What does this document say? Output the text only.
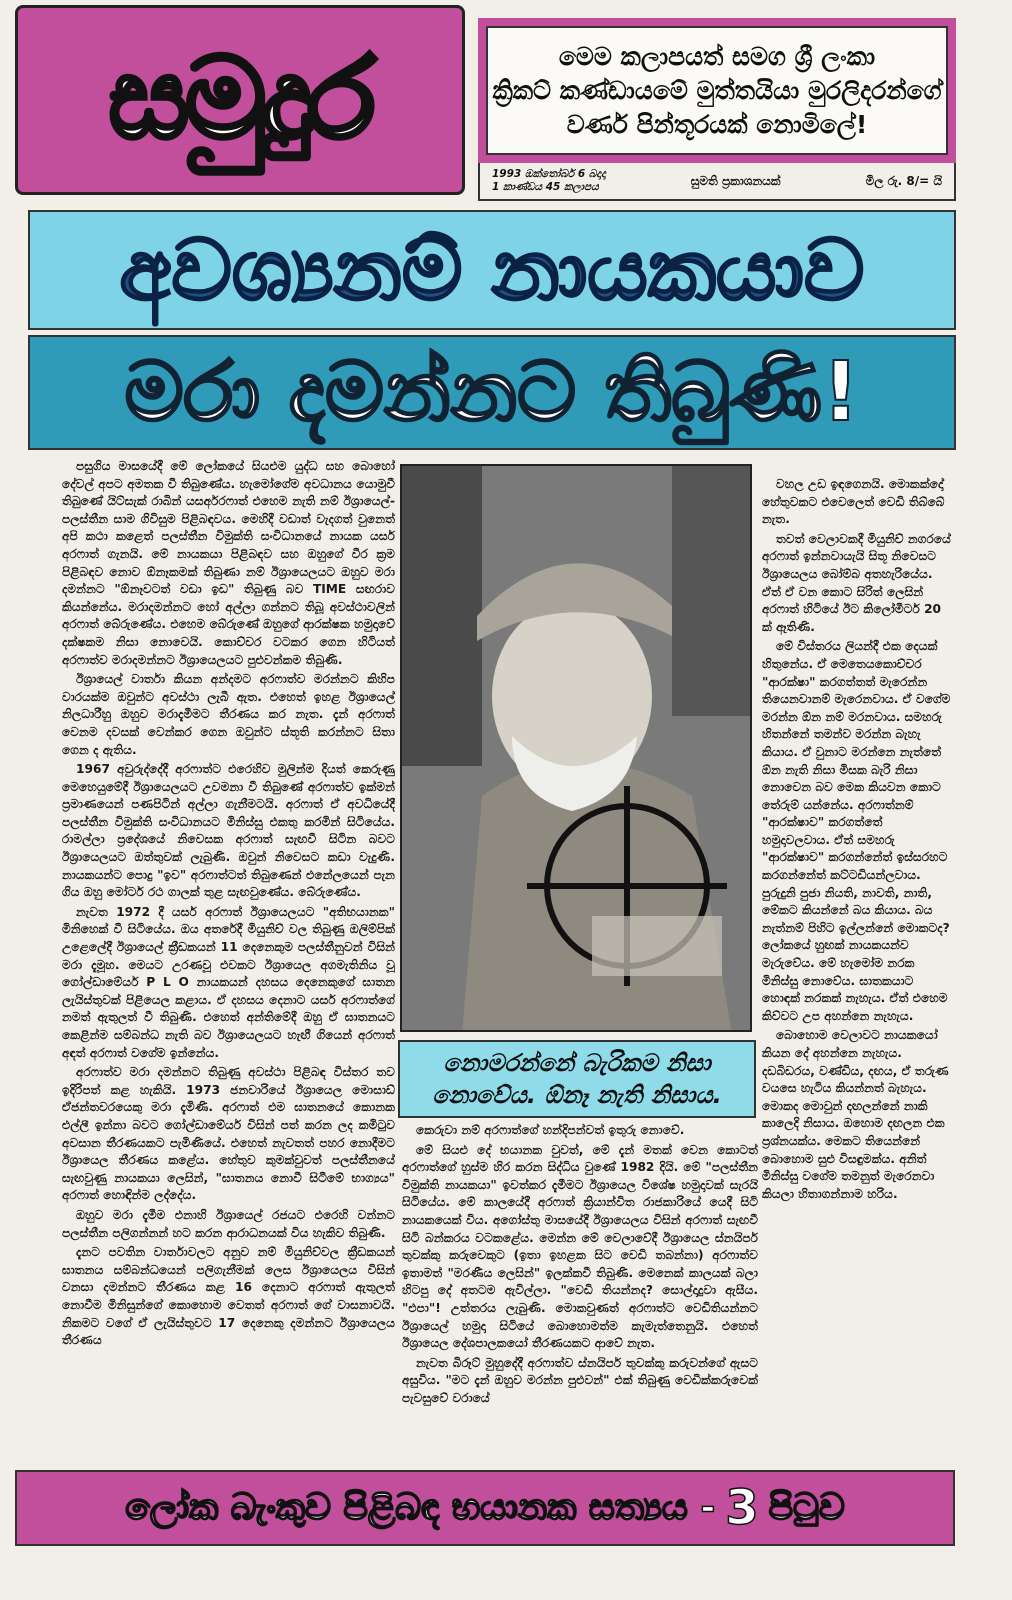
සමුදුර	මෙම කලාපයත් සමග ශ්‍රී ලංකා
ක්‍රිකට් කණ්ඩායමේ මුත්තයියා මුරලිදරන්ගේ
වර්ණ පින්තූරයක් නොමිලේ!
1993 ඔක්තෝබර් 6 බදාදා
1 කාණ්ඩය 45 කලාපය	සුමති ප්‍රකාශනයක්	මිල රු. 8/= යි
අවශ්‍යනම් නායකයාව
මරා දමන්නට තිබුණි!

පසුගිය මාසයේදී මේ ලෝකයේ සියළුම යුද්ධ සහ බොහෝ දේවල් අපට අමතක වී තිබුණේය. හැමෝගේම අවධානය යොමුවී තිබුණේ යිට්සැක් රාබින් යසර්අරෆාත් එහෙම නැති නම් ඊශ්‍රායෙල්-පලස්තීන සාම ගිවිසුම පිළිබඳවය. මෙහිදී වඩාත් වැදගත් වුනෙත් අපි කථා කළෙත් පලස්තීන විමුක්ති සංවිධානයේ නායක යසර් අරෆාත් ගැනයි. මේ නායකයා පිළිබඳව සහ ඔහුගේ වීර ක්‍රම පිළිබඳව නොව ඕනෑකමක් තිබුණා නම් ඊශ්‍රායෙලයට ඔහුව මරා දමන්නට "ඕනෑවටත් වඩා ඉඩ" තිබුණු බව TIME සඟරාව කියන්නේය. මරාදමන්නට හෝ අල්ලා ගන්නට තිබූ අවස්ථාවලින් අරෆාත් බේරුණේය. එහෙම බේරුණේ ඔහුගේ ආරක්ෂක හමුදාවේ දක්ෂකම නිසා නොවෙයි. කොච්චර වටකර ගෙන හිටියත් අරෆාත්ව මරාදමන්නට ඊශ්‍රායෙලයට පුළුවන්කම තිබුණි.

ඊශ්‍රායෙල් වාර්තා කියන අන්දමට අරෆාත්ව මරන්නට කිහිප වාරයක්ම ඔවුන්ට අවස්ථා ලැබී ඇත. එහෙත් ඉහළ ඊශ්‍රායෙල් නිලධාරීහු ඔහුව මරාදැමීමට තීරණය කර නැත. දැන් අරෆාත් වෙනම දවසක් වෙන්කර ගෙන ඔවුන්ට ස්තූති කරන්නට සිතා ගෙන ද ඇතිය.

1967 අවුරුද්දේදී අරෆාත්ට එරෙහිව මුලින්ම දියත් කෙරුණු මෙහෙයුමේදී ඊශ්‍රායෙලයට උවමනා වී තිබුණේ අරෆාත්ව ඉක්මන් ප්‍රමාණයෙන් පණපිටින් අල්ලා ගැනීමටයි. අරෆාත් ඒ අවධියේදී පලස්තීන විමුක්ති සංවිධානයට මිනිස්සු එකතු කරමින් සිටියේය. රාමල්ලා ප්‍රදේශයේ නිවෙසක අරෆාත් සැඟවී සිටින බවට ඊශ්‍රායෙලයට ඔත්තුවක් ලැබුණි. ඔවුන් නිවෙසට කඩා වැදුණි. නායකයන්ට පොදු "ඉව" අරෆාත්ටත් තිබුණෙන් එනේලයෙන් පැන ගිය ඔහු මෝටර් රථ ගාලක් තුළ සැඟවුණේය. බේරුණේය.

නැවත 1972 දී යසර් අරෆාත් ඊශ්‍රායෙලයට "අතිභයානක" මිනිහෙක් වී සිටියේය. ඔය අතරේදී මියුනිච් වල තිබුණු ඔලිම්පික් උළෙලේදී ඊශ්‍රායෙල් ක්‍රීඩකයන් 11 දෙනෙකුම පලස්තීනුවන් විසින් මරා දැමූහ. මෙයට උරණවූ එවකට ඊශ්‍රායෙල අගමැතිනිය වූ ගෝල්ඩාමේයර් P L O නායකයන් දහසය දෙනෙකුගේ ඝාතන ලැයිස්තුවක් පිළියෙල කළාය. ඒ දහසය දෙනාට යසර් අරෆාත්ගේ නමත් ඇතුලත් වී තිබුණි. එහෙත් අන්තිමේදී ඔහු ඒ ඝාතනයට කෙළින්ම සම්බන්ධ නැති බව ඊශ්‍රායෙලයට හැඟී ගියෙන් අරෆාත් අඳත් අරෆාත් වගේම ඉන්නේය.

අරෆාත්ව මරා දමන්නට තිබුණු අවස්ථා පිළිබඳ විස්තර තව ඉදිරිපත් කළ හැකියි. 1973 ජනවාරියේ ඊශ්‍රායෙල මොසාඩ් ඒජන්තවරයෙකු මරා දැමිණි. අරෆාත් එම ඝාතනයේ කොනක එල්ලී ඉන්නා බවට ගෝල්ඩාමේයර් විසින් පත් කරන ලද කමිටුව අවසාන තීරණයකට පැමිණියේ. එහෙත් නැවතත් පහර නොදීමට ඊශ්‍රායෙල තීරණය කළේය. හේතුව කුමක්වුවත් පලස්තීනයේ සැඟවුණු නායකයා ලෙසින්, "ඝාතනය නොවී සිටීමේ භාග්‍යය" අරෆාත් හොඳින්ම ලද්දේය.

ඔහුව මරා දැමීම එනාහි ඊශ්‍රායෙල් රජයට එරෙහි වන්නට පලස්තීන පලිගන්නන් හට කරන ආරාධනයක් විය හැකිව තිබුණි.

දැනට පවතින වාර්තාවලට අනුව නම් මියුනිච්වල ක්‍රීඩකයන් ඝාතනය සම්බන්ධයෙන් පලිගැනීමක් ලෙස ඊශ්‍රායෙලය විසින් වනසා දමන්නට තීරණය කළ 16 දෙනාට අරෆාත් ඇතුලත් නොවීම මිනිසුන්ගේ කොහොම වෙතත් අරෆාත් ගේ වාසනාවයි. නිකමට වගේ ඒ ලැයිස්තුවට 17 දෙනෙකු දමන්නට ඊශ්‍රායෙලය තීරණය

නොමරන්නේ බැරිකම නිසා
නොවේය. ඕනෑ නැති නිසාය.

කෙරුවා නම් අරෆාත්ගේ හන්දිපන්වත් ඉතුරු නොවේ.

මේ සියළු දේ භයානක වුවත්, මේ දැන් මතක් වෙන කොටත් අරෆාත්ගේ හුස්ම හිර කරන සිද්ධිය වුණේ 1982 දියි. මේ "පලස්තීන විමුක්ති නායකයා" ඉවත්කර දැමීමට ඊශ්‍රායෙල විශේෂ හමුදාවක් සැරයි සිටියේය. මේ කාලයේදී අරෆාත් ක්‍රියාන්විත රාජකාරියේ යෙදී සිටි නායකයෙක් විය. අගෝස්තු මාසයේදී ඊශ්‍රායෙලය විසින් අරෆාත් සැඟවී සිටි බන්කරය වටකළේය. මෙන්න මේ වෙලාවේදී ඊශ්‍රායෙල ස්නයිපර් තුවක්කු කරුවෙකුට (ඉතා ඉහළක සිට වෙඩි තබන්නා) අරෆාත්ව ඉතාමත් "මරණීය ලෙසින්" ඉලක්කවී තිබුණි. මෙනෙක් කාලයක් බලා හිටපු දේ අතටම ඇවිල්ලා. "වෙඩි තියන්නද? සොල්දාදුවා ඇසීය. "එපා"! උත්තරය ලැබුණි. මොකවුණත් අරෆාත්ට වෙඩිතියන්නට ඊශ්‍රායෙල් හමුදා සිටියේ බොහොමත්ම කැමැත්තෙනුයි. එහෙත් ඊශ්‍රායෙල දේශපාලකයෝ තීරණයකට ආවේ නැත.

නැවත බිරූට් මුහුදේදී අරෆාත්ව ස්නයිපර් තුවක්කු කරුවන්ගේ ඇසට අසුවිය. "මට දැන් ඔහුව මරන්න පුළුවන්" එක් තිබුණු වෙඩික්කරුවෙක් පැවසුවේ වරායේ

වහල උඩ ඉඳගෙනයි. මොකක්දෝ හේතුවකට එවෙලෙත් වෙඩි තිබ්බේ නැත.

තවත් වෙලාවකදී මියුනිච් නගරයේ අරෆාත් ඉන්නවායැයි සිතූ නිවෙසට ඊශ්‍රායෙලය බෝම්බ අතහැරියේය. ඒත් ඒ වන කොට සිරිත් ලෙසින් අරෆාත් හිටියේ ඊට කිලෝමීටර් 20 ක් ඈතිණි.

මේ විස්තරය ලියන්දී එක දෙයක් හිතුනේය. ඒ මෙතෙයකොච්චර "ආරක්ෂා" කරගත්තත් මැරෙන්න තියෙනවානම් මැරෙනවාය. ඒ වගේම මරන්න ඕන නම් මරනවාය. සමහරු හිතන්නේ තමන්ව මරන්න බැහැ කියාය. ඒ වුනාට මරන්නෙ නැත්තේ ඕන නැති නිසා මිසක බැරි නිසා නොවෙන බව මෙක කියවන කොට තේරුම් යන්නේය. අරෆාත්නම් "ආරක්ෂාව" කරගත්තේ හමුදාවලවාය. ඒත් සමහරු "ආරක්ෂාව" කරගන්නේත් ඉස්සරහට කරගන්නේත් කට්ටඩියන්ලවාය. පුරුදුනි පුජා නියති, නාවති, නාති, මේකට කියන්නේ බය කියාය. බය නැත්නම් පිහිට ඉල්ලන්නේ මොකටද? ලෝකයේ හුඟක් නායකයන්ව මැරුවේය. මේ හැමෝම නරක මිනිස්සු නොවේය. ඝාතකයාට හොඳක් නරකක් නැහැය. ඒත් එහෙම කිව්වට උප අහන්නෙ නැහැය.

බොහොම වෙලාවට නායකයෝ කියන දේ අහන්නෙ නැහැය. දඩබිඩරය, වණ්ඩිය, දඟය, ඒ තරුණ වයසෙ හැටිය කියන්නත් බැහැය. මොකද මොවුන් දඟලන්නේ නාකි කාලෙදි නිසාය. ඔහොම දඟලන එක ප්‍රශ්නයක්ය. මෙකට තියෙන්නේ බොහොම සුළු විසඳුමක්ය. අනිත් මිනිස්සු වගේම තමනුත් මැරෙනවා කියලා හිතාගන්නාම හරිය.

ලෝක බැංකුව පිළිබඳ භයානක සත්‍යය - 3 පිටුව
